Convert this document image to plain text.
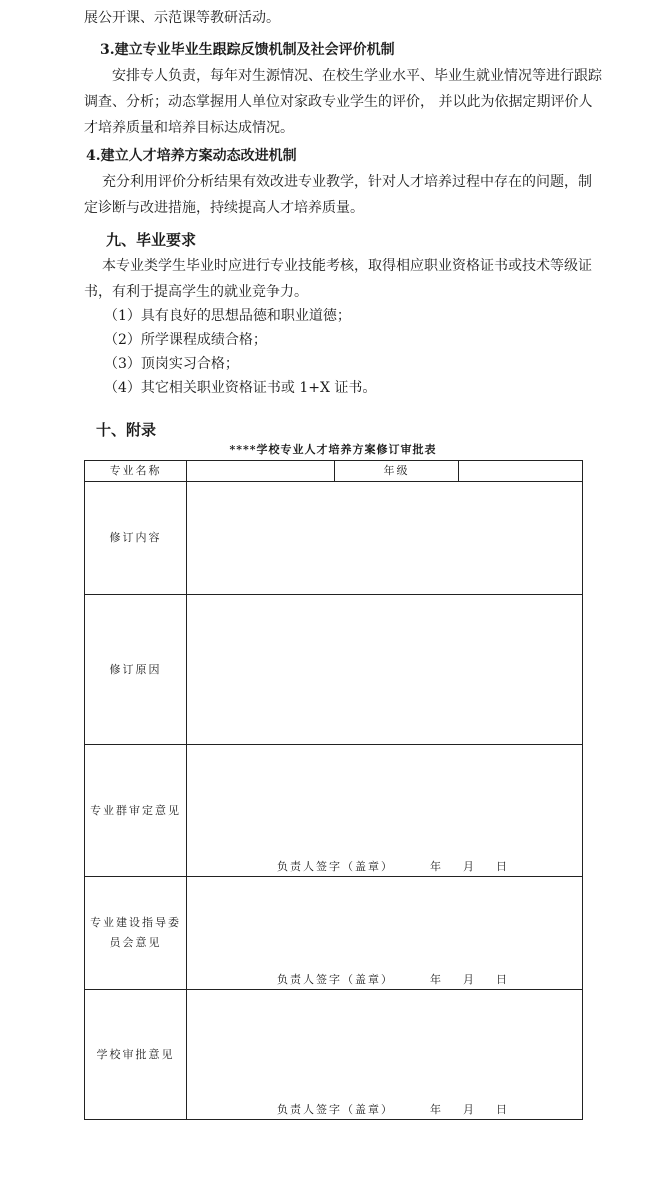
展公开课、示范课等教研活动。
3.建立专业毕业生跟踪反馈机制及社会评价机制
安排专人负责，每年对生源情况、在校生学业水平、毕业生就业情况等进行跟踪
调查、分析；动态掌握用人单位对家政专业学生的评价， 并以此为依据定期评价人
才培养质量和培养目标达成情况。
4.建立人才培养方案动态改进机制
充分利用评价分析结果有效改进专业教学，针对人才培养过程中存在的问题，制
定诊断与改进措施，持续提高人才培养质量。
九、毕业要求
本专业类学生毕业时应进行专业技能考核，取得相应职业资格证书或技术等级证
书，有利于提高学生的就业竞争力。
（1）具有良好的思想品德和职业道德；
（2）所学课程成绩合格；
（3）顶岗实习合格；
（4）其它相关职业资格证书或 1+X 证书。
十、附录
****学校专业人才培养方案修订审批表
专业名称		年级	
修订内容			
修订原因			
专业群审定意见	负责人签字（盖章） 年 月 日		

专业建设指导委
员会意见	负责人签字（盖章） 年 月 日		

学校审批意见	负责人签字（盖章） 年 月 日		
